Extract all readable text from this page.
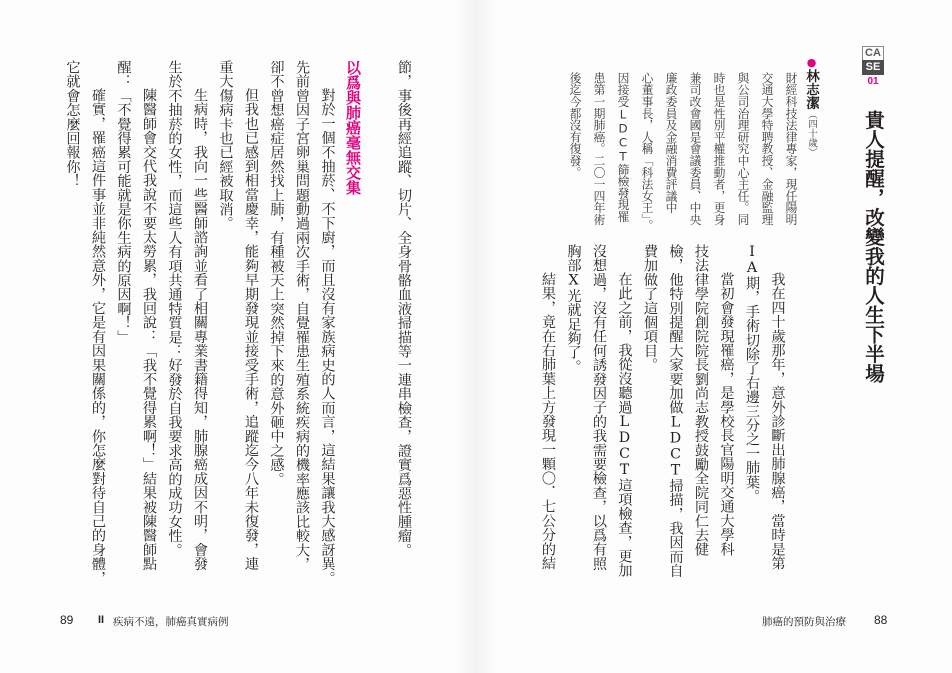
節，事後再經追蹤、切片、全身骨骼血液掃描等一連串檢查，證實爲惡性腫瘤。
以爲與肺癌毫無交集
對於一個不抽菸、不下廚，而且沒有家族病史的人而言，這結果讓我大感訝異。
先前曾因子宮卵巢問題動過兩次手術，自覺罹患生殖系統疾病的機率應該比較大，
卻不曾想癌症居然找上肺，有種被天上突然掉下來的意外砸中之感。
但我也已感到相當慶幸，能夠早期發現並接受手術，追蹤迄今八年未復發，連
重大傷病卡也已經被取消。
生病時，我向一些醫師諮詢並看了相關專業書籍得知，肺腺癌成因不明，會發
生於不抽菸的女性，而這些人有項共通特質是：好發於自我要求高的成功女性。
陳醫師會交代我說不要太勞累，我回說：「我不覺得累啊！」結果被陳醫師點
醒：「不覺得累可能就是你生病的原因啊！」
確實，罹癌這件事並非純然意外，它是有因果關係的，你怎麼對待自己的身體，
它就會怎麼回報你！
89 II 疾病不遠，肺癌真實病例
CA
SE
01
貴人提醒，改變我的人生下半場
●林志潔（四十歲）
財經科技法律專家，現任陽明
交通大學特聘教授、金融監理
與公司治理研究中心主任。同
時也是性別平權推動者，更身
兼司改會國是會議委員、中央
廉政委員及金融消費評議中
心董事長，人稱「科法女王」。
因接受LDCT篩檢發現罹
患第一期肺癌。二〇一四年術
後迄今都沒有復發。
我在四十歲那年，意外診斷出肺腺癌，當時是第
IA期，手術切除了右邊三分之一肺葉。
當初會發現罹癌，是學校長官陽明交通大學科
技法律學院創院院長劉尚志教授鼓勵全院同仁去健
檢，他特別提醒大家要加做LDCT掃描，我因而自
費加做了這個項目。
在此之前，我從沒聽過LDCT這項檢查，更加
沒想過，沒有任何誘發因子的我需要檢查，以爲有照
胸部X光就足夠了。
結果，竟在右肺葉上方發現一顆〇．七公分的結
肺癌的預防與治療 88
